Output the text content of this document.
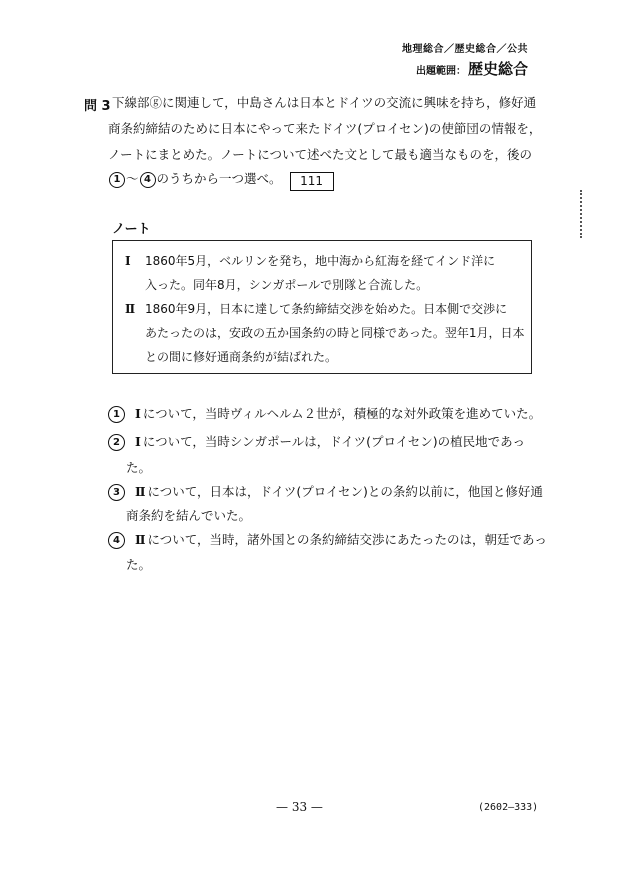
地理総合／歴史総合／公共
出題範囲： 歴史総合
問 3 下線部ⓖに関連して，中島さんは日本とドイツの交流に興味を持ち，修好通
商条約締結のために日本にやって来たドイツ(プロイセン)の使節団の情報を，
ノートにまとめた。ノートについて述べた文として最も適当なものを，後の
1 ～ 4 のうちから一つ選べ。 111
ノート
Ⅰ 1860年5月，ベルリンを発ち，地中海から紅海を経てインド洋に
入った。同年8月，シンガポールで別隊と合流した。
Ⅱ 1860年9月，日本に達して条約締結交渉を始めた。日本側で交渉に
あたったのは，安政の五か国条約の時と同様であった。翌年1月，日本
との間に修好通商条約が結ばれた。
1 Ⅰ について，当時ヴィルヘルム２世が，積極的な対外政策を進めていた。
2 Ⅰ について，当時シンガポールは，ドイツ(プロイセン)の植民地であっ
た。
3 Ⅱ について，日本は，ドイツ(プロイセン)との条約以前に，他国と修好通
商条約を結んでいた。
4 Ⅱ について，当時，諸外国との条約締結交渉にあたったのは，朝廷であっ
た。
— 33 —	(2602—333)
